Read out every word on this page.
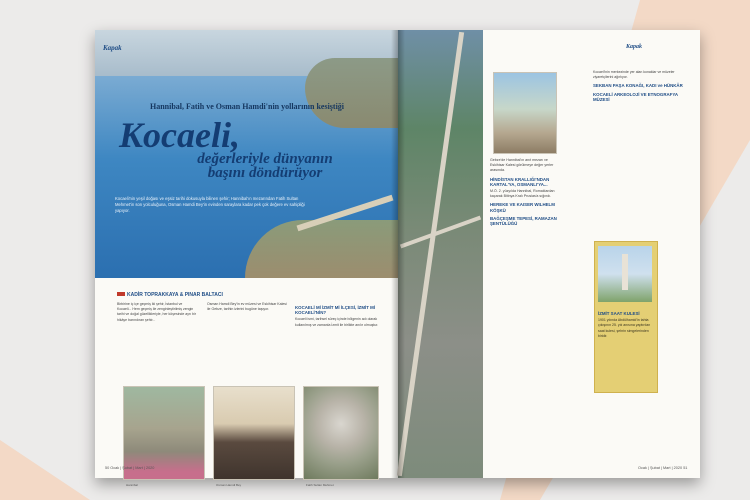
Kapak
Hannibal, Fatih ve Osman Hamdi'nin yollarının kesiştiği
Kocaeli,
değerleriyle dünyanın
başını döndürüyor
Kocaeli'nin yeşil doğası ve eşsiz tarihi dokusuyla bilinen şehir; Hannibal'ın mezarından Fatih Sultan Mehmet'in son yolculuğuna, Osman Hamdi Bey'in evinden saraylara kadar pek çok değere ev sahipliği yapıyor.
KADİR TOPRAKKAYA & PINAR BALTACI
Birbirine iç içe geçmiş iki şehir, İstanbul ve Kocaeli... Hem geçmiş ile zenginleştirilmiş zengin tarihi ve doğal güzellikleriyle, her köşesinde ayrı bir hikâye barındıran şehir...
Osman Hamdi Bey'in ev müzesi ve Eskihisar Kalesi ile Gebze, tarihin izlerini bugüne taşıyor.	KOCAELİ Mİ İZMİT Mİ İLÇESİ, İZMİT Mİ KOCAELİ'NİN?
Kocaeli ismi, tarihsel süreç içinde bölgenin adı olarak kullanılmış ve zamanla İzmit ile birlikte anılır olmuştur.
Hannibal	Osman Hamdi Bey	Fatih Sultan Mehmet
50 Ocak | Şubat | Mart | 2020
Kapak
Gebze'de Hannibal'ın anıt mezarı ve Eskihisar Kalesi görülmeye değer yerler arasında.
HİNDİSTAN KRALLIĞI'NDAN KARTAL'YA, OSMANLI'YA...
M.Ö. 2. yüzyılda Hannibal, Romalılardan kaçarak Bitinya Kralı Prusias'a sığındı.
HEREKE VE KAISER WILHELM KÖŞKÜ
BAĞÇEŞME TEPESİ, RAMAZAN ŞENTÜLÜĞÜ
Kocaeli'nin merkezinde yer alan konaklar ve müzeler ziyaretçilerini ağırlıyor.
SEKBAN PAŞA KONAĞI, KADI ve HÜNKÂR
KOCAELİ ARKEOLOJİ VE ETNOGRAFYA MÜZESİ
İZMİT SAAT KULESİ
1901 yılında Abdülhamid'in tahta çıkışının 25. yılı anısına yaptırılan saat kulesi, şehrin simgelerinden biridir.
Ocak | Şubat | Mart | 2020 51
